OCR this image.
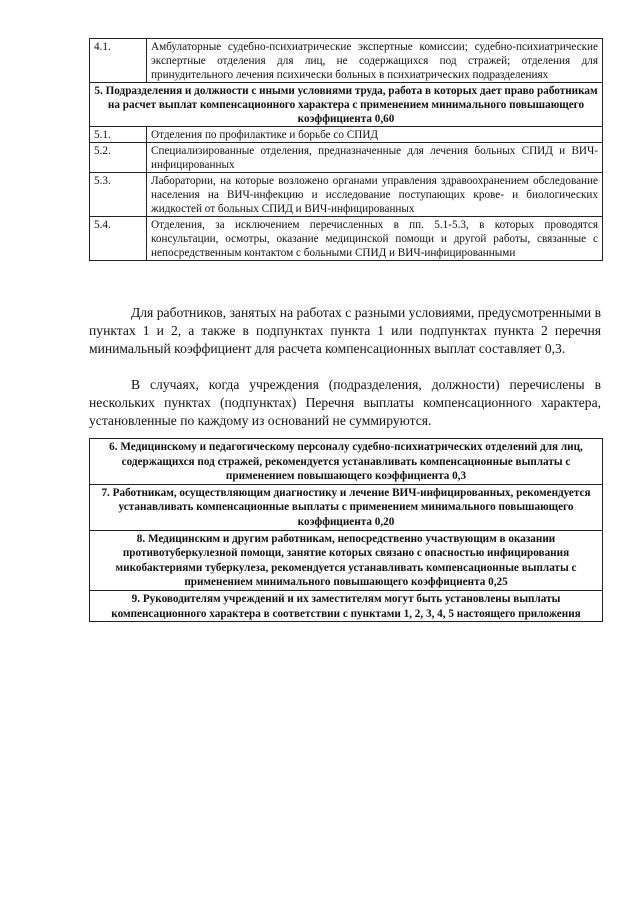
4.1.	Амбулаторные судебно-психиатрические экспертные комиссии; судебно-психиатрические экспертные отделения для лиц, не содержащихся под стражей; отделения для принудительного лечения психически больных в психиатрических подразделениях
5. Подразделения и должности с иными условиями труда, работа в которых дает право работникам на расчет выплат компенсационного характера с применением минимального повышающего коэффициента 0,60	
5.1.	Отделения по профилактике и борьбе со СПИД
5.2.	Специализированные отделения, предназначенные для лечения больных СПИД и ВИЧ-инфицированных
5.3.	Лаборатории, на которые возложено органами управления здравоохранением обследование населения на ВИЧ-инфекцию и исследование поступающих крове- и биологических жидкостей от больных СПИД и ВИЧ-инфицированных
5.4.	Отделения, за исключением перечисленных в пп. 5.1-5.3, в которых проводятся консультации, осмотры, оказание медицинской помощи и другой работы, связанные с непосредственным контактом с больными СПИД и ВИЧ-инфицированными

Для работников, занятых на работах с разными условиями, предусмотренными в пунктах 1 и 2, а также в подпунктах пункта 1 или подпунктах пункта 2 перечня минимальный коэффициент для расчета компенсационных выплат составляет 0,3.

В случаях, когда учреждения (подразделения, должности) перечислены в нескольких пунктах (подпунктах) Перечня выплаты компенсационного характера, установленные по каждому из оснований не суммируются.

6. Медицинскому и педагогическому персоналу судебно-психиатрических отделений для лиц, содержащихся под стражей, рекомендуется устанавливать компенсационные выплаты с применением повышающего коэффициента 0,3
7. Работникам, осуществляющим диагностику и лечение ВИЧ-инфицированных, рекомендуется устанавливать компенсационные выплаты с применением минимального повышающего коэффициента 0,20
8. Медицинским и другим работникам, непосредственно участвующим в оказании противотуберкулезной помощи, занятие которых связано с опасностью инфицирования микобактериями туберкулеза, рекомендуется устанавливать компенсационные выплаты с применением минимального повышающего коэффициента 0,25
9. Руководителям учреждений и их заместителям могут быть установлены выплаты компенсационного характера в соответствии с пунктами 1, 2, 3, 4, 5 настоящего приложения
